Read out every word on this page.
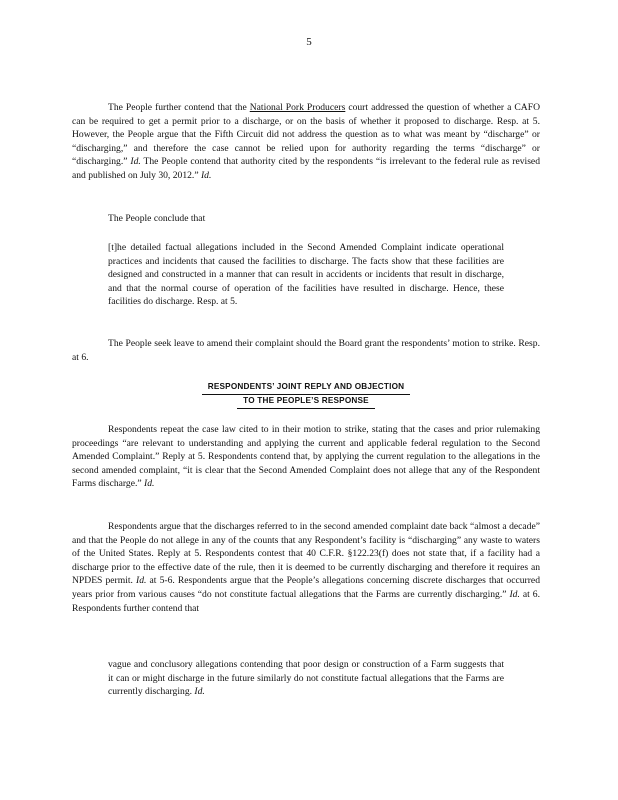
5

The People further contend that the National Pork Producers court addressed the question of whether a CAFO can be required to get a permit prior to a discharge, or on the basis of whether it proposed to discharge. Resp. at 5. However, the People argue that the Fifth Circuit did not address the question as to what was meant by “discharge” or “discharging,” and therefore the case cannot be relied upon for authority regarding the terms “discharge” or “discharging.” Id. The People contend that authority cited by the respondents “is irrelevant to the federal rule as revised and published on July 30, 2012.” Id.

The People conclude that

[t]he detailed factual allegations included in the Second Amended Complaint indicate operational practices and incidents that caused the facilities to discharge. The facts show that these facilities are designed and constructed in a manner that can result in accidents or incidents that result in discharge, and that the normal course of operation of the facilities have resulted in discharge. Hence, these facilities do discharge. Resp. at 5.

The People seek leave to amend their complaint should the Board grant the respondents’ motion to strike. Resp. at 6.

RESPONDENTS’ JOINT REPLY AND OBJECTION
TO THE PEOPLE’S RESPONSE

Respondents repeat the case law cited to in their motion to strike, stating that the cases and prior rulemaking proceedings “are relevant to understanding and applying the current and applicable federal regulation to the Second Amended Complaint.” Reply at 5. Respondents contend that, by applying the current regulation to the allegations in the second amended complaint, “it is clear that the Second Amended Complaint does not allege that any of the Respondent Farms discharge.” Id.

Respondents argue that the discharges referred to in the second amended complaint date back “almost a decade” and that the People do not allege in any of the counts that any Respondent’s facility is “discharging” any waste to waters of the United States. Reply at 5. Respondents contest that 40 C.F.R. §122.23(f) does not state that, if a facility had a discharge prior to the effective date of the rule, then it is deemed to be currently discharging and therefore it requires an NPDES permit. Id. at 5-6. Respondents argue that the People’s allegations concerning discrete discharges that occurred years prior from various causes “do not constitute factual allegations that the Farms are currently discharging.” Id. at 6. Respondents further contend that

vague and conclusory allegations contending that poor design or construction of a Farm suggests that it can or might discharge in the future similarly do not constitute factual allegations that the Farms are currently discharging. Id.
